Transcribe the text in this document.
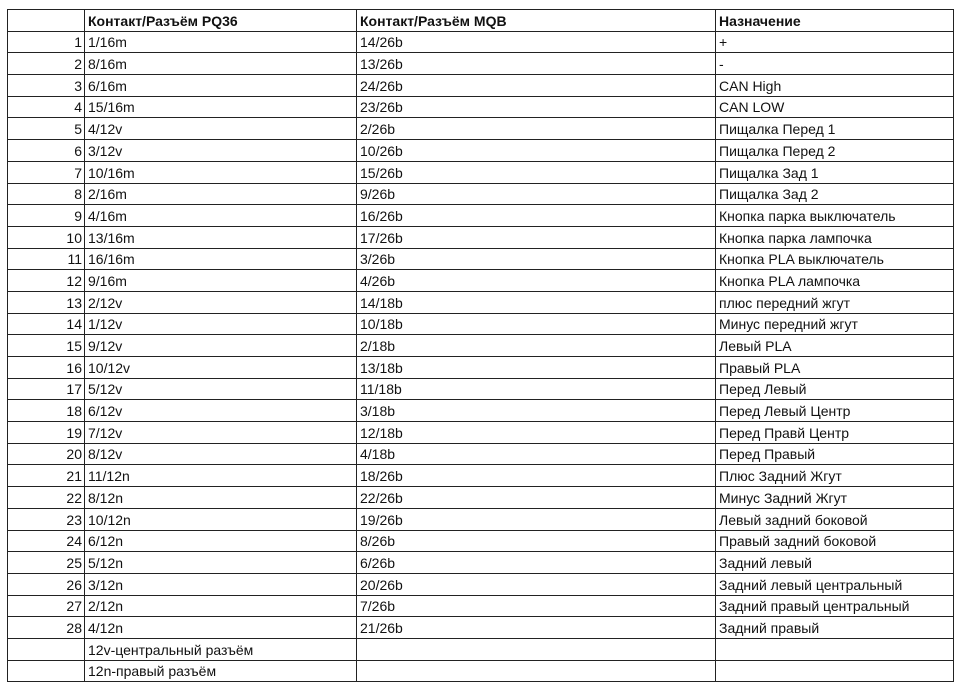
	Контакт/Разъём PQ36	Контакт/Разъём MQB	Назначение
1	1/16m	14/26b	+
2	8/16m	13/26b	-
3	6/16m	24/26b	CAN High
4	15/16m	23/26b	CAN LOW
5	4/12v	2/26b	Пищалка Перед 1
6	3/12v	10/26b	Пищалка Перед 2
7	10/16m	15/26b	Пищалка Зад 1
8	2/16m	9/26b	Пищалка Зад 2
9	4/16m	16/26b	Кнопка парка выключатель
10	13/16m	17/26b	Кнопка парка лампочка
11	16/16m	3/26b	Кнопка PLA выключатель
12	9/16m	4/26b	Кнопка PLA лампочка
13	2/12v	14/18b	плюс передний жгут
14	1/12v	10/18b	Минус передний жгут
15	9/12v	2/18b	Левый PLA
16	10/12v	13/18b	Правый PLA
17	5/12v	11/18b	Перед Левый
18	6/12v	3/18b	Перед Левый Центр
19	7/12v	12/18b	Перед Правй Центр
20	8/12v	4/18b	Перед Правый
21	11/12n	18/26b	Плюс Задний Жгут
22	8/12n	22/26b	Минус Задний Жгут
23	10/12n	19/26b	Левый задний боковой
24	6/12n	8/26b	Правый задний боковой
25	5/12n	6/26b	Задний левый
26	3/12n	20/26b	Задний левый центральный
27	2/12n	7/26b	Задний правый центральный
28	4/12n	21/26b	Задний правый
	12v-центральный разъём		
	12n-правый разъём		
